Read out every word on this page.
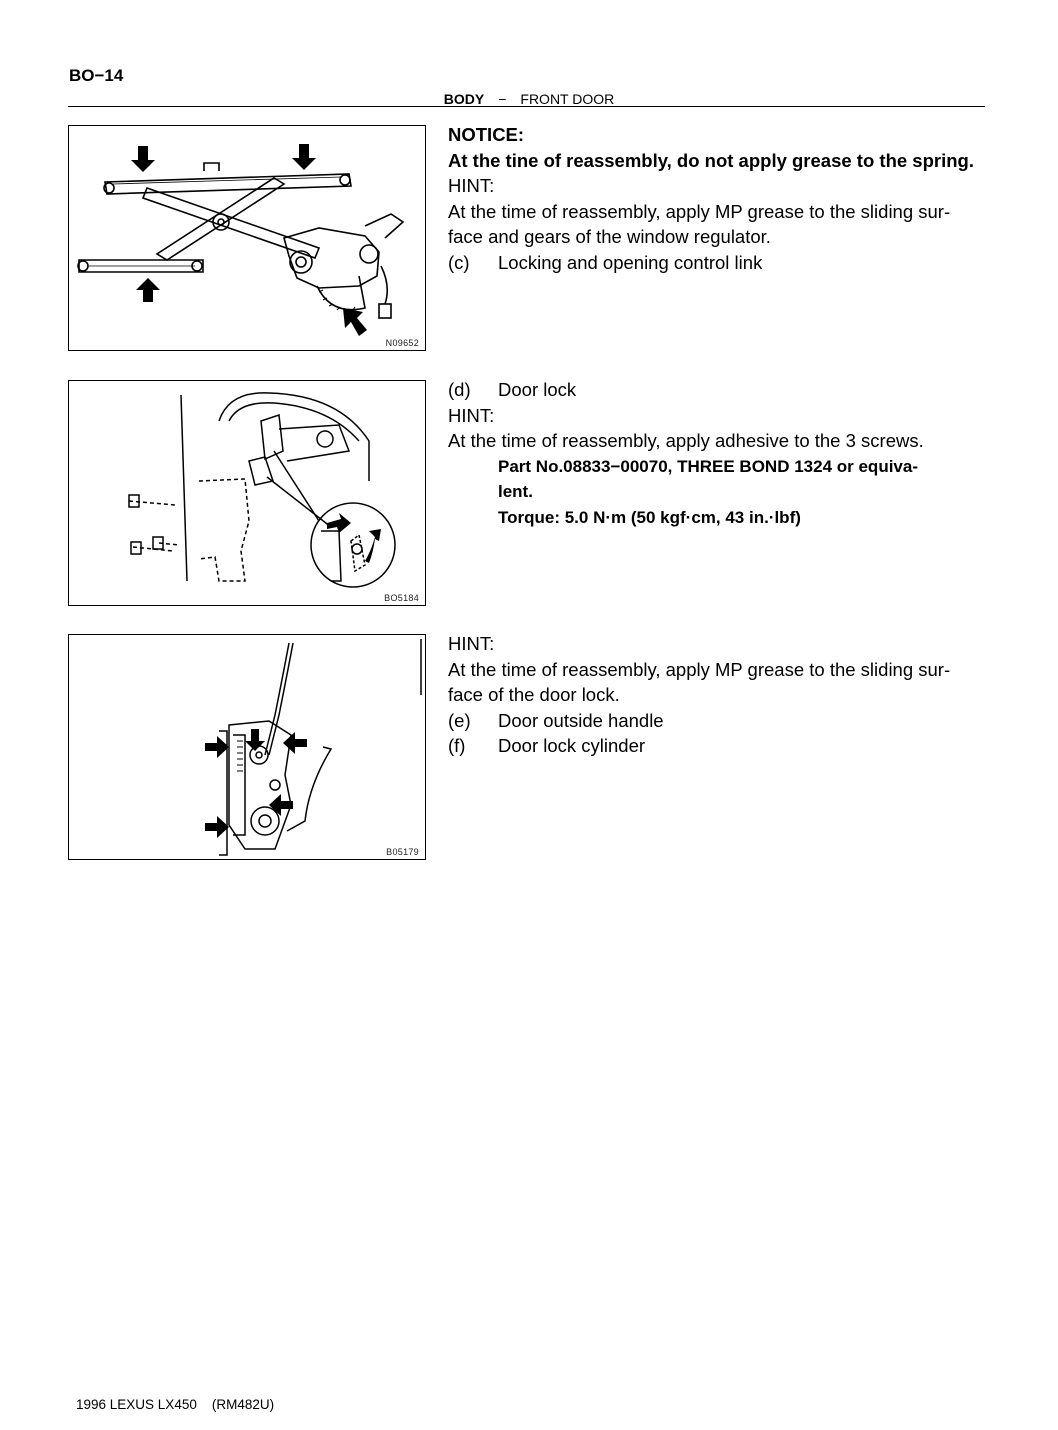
BO−14
BODY − FRONT DOOR
N09652

NOTICE:

At the tine of reassembly, do not apply grease to the spring.

HINT:

At the time of reassembly, apply MP grease to the sliding sur-

face and gears of the window regulator.

(c)	Locking and opening control link
BO5184
(d)	Door lock

HINT:

At the time of reassembly, apply adhesive to the 3 screws.

Part No.08833−00070, THREE BOND 1324 or equiva-

lent.

Torque: 5.0 N·m (50 kgf·cm, 43 in.·lbf)

B05179

HINT:

At the time of reassembly, apply MP grease to the sliding sur-

face of the door lock.

(e)	Door outside handle
(f)	Door lock cylinder
1996 LEXUS LX450 (RM482U)
